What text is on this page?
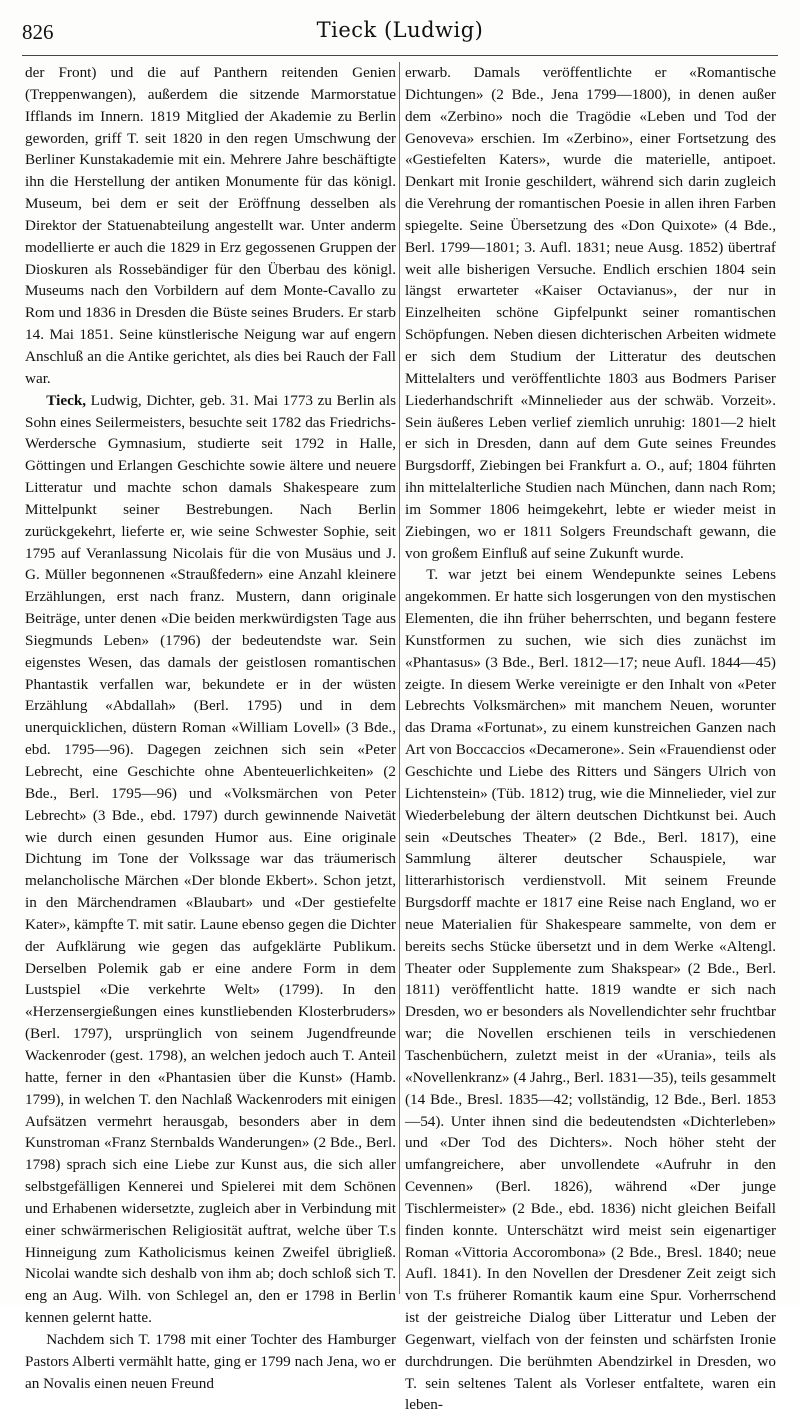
826	Tieck (Ludwig)

der Front) und die auf Panthern reitenden Genien (Treppenwangen), außerdem die sitzende Marmorstatue Ifflands im Innern. 1819 Mitglied der Akademie zu Berlin geworden, griff T. seit 1820 in den regen Umschwung der Berliner Kunstakademie mit ein. Mehrere Jahre beschäftigte ihn die Herstellung der antiken Monumente für das königl. Museum, bei dem er seit der Eröffnung desselben als Direktor der Statuenabteilung angestellt war. Unter anderm modellierte er auch die 1829 in Erz gegossenen Gruppen der Dioskuren als Rossebändiger für den Überbau des königl. Museums nach den Vorbildern auf dem Monte-Cavallo zu Rom und 1836 in Dresden die Büste seines Bruders. Er starb 14. Mai 1851. Seine künstlerische Neigung war auf engern Anschluß an die Antike gerichtet, als dies bei Rauch der Fall war.

Tieck, Ludwig, Dichter, geb. 31. Mai 1773 zu Berlin als Sohn eines Seilermeisters, besuchte seit 1782 das Friedrichs-Werdersche Gymnasium, studierte seit 1792 in Halle, Göttingen und Erlangen Geschichte sowie ältere und neuere Litteratur und machte schon damals Shakespeare zum Mittelpunkt seiner Bestrebungen. Nach Berlin zurückgekehrt, lieferte er, wie seine Schwester Sophie, seit 1795 auf Veranlassung Nicolais für die von Musäus und J. G. Müller begonnenen «Straußfedern» eine Anzahl kleinere Erzählungen, erst nach franz. Mustern, dann originale Beiträge, unter denen «Die beiden merkwürdigsten Tage aus Siegmunds Leben» (1796) der bedeutendste war. Sein eigenstes Wesen, das damals der geistlosen romantischen Phantastik verfallen war, bekundete er in der wüsten Erzählung «Abdallah» (Berl. 1795) und in dem unerquicklichen, düstern Roman «William Lovell» (3 Bde., ebd. 1795—96). Dagegen zeichnen sich sein «Peter Lebrecht, eine Geschichte ohne Abenteuerlichkeiten» (2 Bde., Berl. 1795—96) und «Volksmärchen von Peter Lebrecht» (3 Bde., ebd. 1797) durch gewinnende Naivetät wie durch einen gesunden Humor aus. Eine originale Dichtung im Tone der Volkssage war das träumerisch melancholische Märchen «Der blonde Ekbert». Schon jetzt, in den Märchendramen «Blaubart» und «Der gestiefelte Kater», kämpfte T. mit satir. Laune ebenso gegen die Dichter der Aufklärung wie gegen das aufgeklärte Publikum. Derselben Polemik gab er eine andere Form in dem Lustspiel «Die verkehrte Welt» (1799). In den «Herzensergießungen eines kunstliebenden Klosterbruders» (Berl. 1797), ursprünglich von seinem Jugendfreunde Wackenroder (gest. 1798), an welchen jedoch auch T. Anteil hatte, ferner in den «Phantasien über die Kunst» (Hamb. 1799), in welchen T. den Nachlaß Wackenroders mit einigen Aufsätzen vermehrt herausgab, besonders aber in dem Kunstroman «Franz Sternbalds Wanderungen» (2 Bde., Berl. 1798) sprach sich eine Liebe zur Kunst aus, die sich aller selbstgefälligen Kennerei und Spielerei mit dem Schönen und Erhabenen widersetzte, zugleich aber in Verbindung mit einer schwärmerischen Religiosität auftrat, welche über T.s Hinneigung zum Katholicismus keinen Zweifel übrigließ. Nicolai wandte sich deshalb von ihm ab; doch schloß sich T. eng an Aug. Wilh. von Schlegel an, den er 1798 in Berlin kennen gelernt hatte.

Nachdem sich T. 1798 mit einer Tochter des Hamburger Pastors Alberti vermählt hatte, ging er 1799 nach Jena, wo er an Novalis einen neuen Freund

erwarb. Damals veröffentlichte er «Romantische Dichtungen» (2 Bde., Jena 1799—1800), in denen außer dem «Zerbino» noch die Tragödie «Leben und Tod der Genoveva» erschien. Im «Zerbino», einer Fortsetzung des «Gestiefelten Katers», wurde die materielle, antipoet. Denkart mit Ironie geschildert, während sich darin zugleich die Verehrung der romantischen Poesie in allen ihren Farben spiegelte. Seine Übersetzung des «Don Quixote» (4 Bde., Berl. 1799—1801; 3. Aufl. 1831; neue Ausg. 1852) übertraf weit alle bisherigen Versuche. Endlich erschien 1804 sein längst erwarteter «Kaiser Octavianus», der nur in Einzelheiten schöne Gipfelpunkt seiner romantischen Schöpfungen. Neben diesen dichterischen Arbeiten widmete er sich dem Studium der Litteratur des deutschen Mittelalters und veröffentlichte 1803 aus Bodmers Pariser Liederhandschrift «Minnelieder aus der schwäb. Vorzeit». Sein äußeres Leben verlief ziemlich unruhig: 1801—2 hielt er sich in Dresden, dann auf dem Gute seines Freundes Burgsdorff, Ziebingen bei Frankfurt a. O., auf; 1804 führten ihn mittelalterliche Studien nach München, dann nach Rom; im Sommer 1806 heimgekehrt, lebte er wieder meist in Ziebingen, wo er 1811 Solgers Freundschaft gewann, die von großem Einfluß auf seine Zukunft wurde.

T. war jetzt bei einem Wendepunkte seines Lebens angekommen. Er hatte sich losgerungen von den mystischen Elementen, die ihn früher beherrschten, und begann festere Kunstformen zu suchen, wie sich dies zunächst im «Phantasus» (3 Bde., Berl. 1812—17; neue Aufl. 1844—45) zeigte. In diesem Werke vereinigte er den Inhalt von «Peter Lebrechts Volksmärchen» mit manchem Neuen, worunter das Drama «Fortunat», zu einem kunstreichen Ganzen nach Art von Boccaccios «Decamerone». Sein «Frauendienst oder Geschichte und Liebe des Ritters und Sängers Ulrich von Lichtenstein» (Tüb. 1812) trug, wie die Minnelieder, viel zur Wiederbelebung der ältern deutschen Dichtkunst bei. Auch sein «Deutsches Theater» (2 Bde., Berl. 1817), eine Sammlung älterer deutscher Schauspiele, war litterarhistorisch verdienstvoll. Mit seinem Freunde Burgsdorff machte er 1817 eine Reise nach England, wo er neue Materialien für Shakespeare sammelte, von dem er bereits sechs Stücke übersetzt und in dem Werke «Altengl. Theater oder Supplemente zum Shakspear» (2 Bde., Berl. 1811) veröffentlicht hatte. 1819 wandte er sich nach Dresden, wo er besonders als Novellendichter sehr fruchtbar war; die Novellen erschienen teils in verschiedenen Taschenbüchern, zuletzt meist in der «Urania», teils als «Novellenkranz» (4 Jahrg., Berl. 1831—35), teils gesammelt (14 Bde., Bresl. 1835—42; vollständig, 12 Bde., Berl. 1853—54). Unter ihnen sind die bedeutendsten «Dichterleben» und «Der Tod des Dichters». Noch höher steht der umfangreichere, aber unvollendete «Aufruhr in den Cevennen» (Berl. 1826), während «Der junge Tischlermeister» (2 Bde., ebd. 1836) nicht gleichen Beifall finden konnte. Unterschätzt wird meist sein eigenartiger Roman «Vittoria Accorombona» (2 Bde., Bresl. 1840; neue Aufl. 1841). In den Novellen der Dresdener Zeit zeigt sich von T.s früherer Romantik kaum eine Spur. Vorherrschend ist der geistreiche Dialog über Litteratur und Leben der Gegenwart, vielfach von der feinsten und schärfsten Ironie durchdrungen. Die berühmten Abendzirkel in Dresden, wo T. sein seltenes Talent als Vorleser entfaltete, waren ein leben-
